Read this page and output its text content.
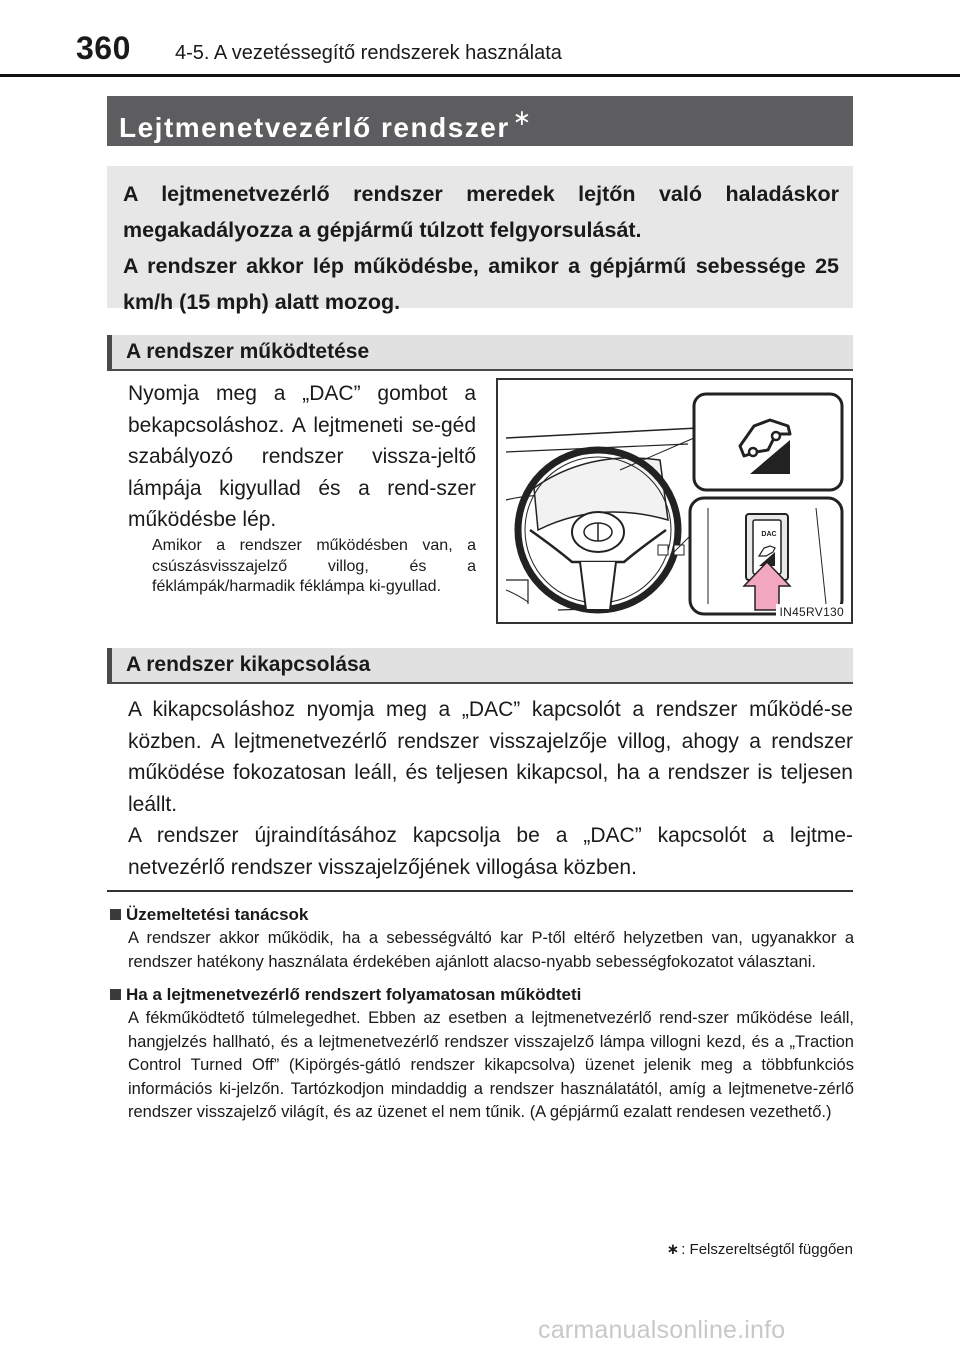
360 4-5. A vezetéssegítő rendszerek használata
Lejtmenetvezérlő rendszer ∗

A lejtmenetvezérlő rendszer meredek lejtőn való haladáskor megakadályozza a gépjármű túlzott felgyorsulását.

A rendszer akkor lép működésbe, amikor a gépjármű sebessége 25 km/h (15 mph) alatt mozog.

A rendszer működtetése
Nyomja meg a „DAC” gombot a bekapcsoláshoz. A lejtmeneti se-géd szabályozó rendszer vissza-jeltő lámpája kigyullad és a rend-szer működésbe lép.
Amikor a rendszer működésben van, a csúszásvisszajelző villog, és a féklámpák/harmadik féklámpa ki-gyullad.
DAC
IN45RV130
A rendszer kikapcsolása

A kikapcsoláshoz nyomja meg a „DAC” kapcsolót a rendszer működé-se közben. A lejtmenetvezérlő rendszer visszajelzője villog, ahogy a rendszer működése fokozatosan leáll, és teljesen kikapcsol, ha a rendszer is teljesen leállt.

A rendszer újraindításához kapcsolja be a „DAC” kapcsolót a lejtme-netvezérlő rendszer visszajelzőjének villogása közben.

Üzemeltetési tanácsok
A rendszer akkor működik, ha a sebességváltó kar P-től eltérő helyzetben van, ugyanakkor a rendszer hatékony használata érdekében ajánlott alacso-nyabb sebességfokozatot választani.
Ha a lejtmenetvezérlő rendszert folyamatosan működteti
A fékműködtető túlmelegedhet. Ebben az esetben a lejtmenetvezérlő rend-szer működése leáll, hangjelzés hallható, és a lejtmenetvezérlő rendszer visszajelző lámpa villogni kezd, és a „Traction Control Turned Off” (Kipörgés-gátló rendszer kikapcsolva) üzenet jelenik meg a többfunkciós információs ki-jelzőn. Tartózkodjon mindaddig a rendszer használatától, amíg a lejtmenetve-zérlő rendszer visszajelző világít, és az üzenet el nem tűnik. (A gépjármű ezalatt rendesen vezethető.)
∗ : Felszereltségtől függően
carmanualsonline.info
